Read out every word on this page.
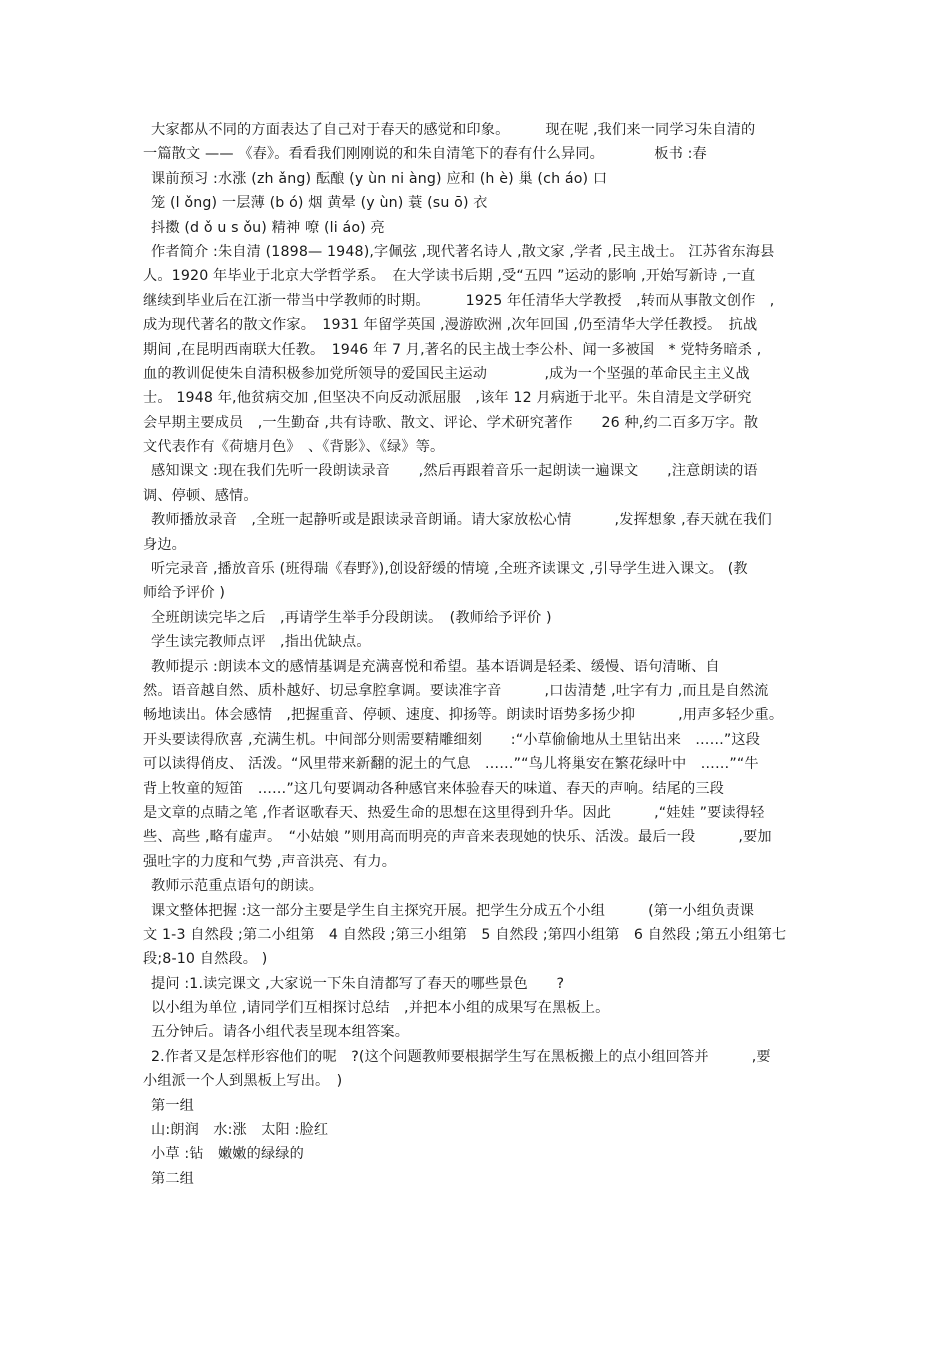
大家都从不同的方面表达了自己对于春天的感觉和印象。　　　现在呢 ,我们来一同学习朱自清的
一篇散文 —— 《春》。看看我们刚刚说的和朱自清笔下的春有什么异同。　　　　板书 :春
课前预习 :水涨 (zh ǎng) 酝酿 (y ùn ni àng) 应和 (h è) 巢 (ch áo) 口
笼 (l ǒng) 一层薄 (b ó) 烟 黄晕 (y ùn) 蓑 (su ō) 衣
抖擞 (d ǒ u s ǒu) 精神 嘹 (li áo) 亮
作者简介 :朱自清 (1898— 1948),字佩弦 ,现代著名诗人 ,散文家 ,学者 ,民主战士。 江苏省东海县
人。1920 年毕业于北京大学哲学系。　在大学读书后期 ,受“五四 ”运动的影响 ,开始写新诗 ,一直
继续到毕业后在江浙一带当中学教师的时期。　　　1925 年任清华大学教授　,转而从事散文创作　,
成为现代著名的散文作家。　1931 年留学英国 ,漫游欧洲 ,次年回国 ,仍至清华大学任教授。　抗战
期间 ,在昆明西南联大任教。　1946 年 7 月,著名的民主战士李公朴、闻一多被国　* 党特务暗杀 ,
血的教训促使朱自清积极参加党所领导的爱国民主运动　　　　,成为一个坚强的革命民主主义战
士。 1948 年,他贫病交加 ,但坚决不向反动派屈服　,该年 12 月病逝于北平。朱自清是文学研究
会早期主要成员　,一生勤奋 ,共有诗歌、散文、评论、学术研究著作　　26 种,约二百多万字。散
文代表作有《荷塘月色》　、《背影》、《绿》等。
感知课文 :现在我们先听一段朗读录音　　,然后再跟着音乐一起朗读一遍课文　　,注意朗读的语
调、停顿、感情。
教师播放录音　,全班一起静听或是跟读录音朗诵。请大家放松心情　　　,发挥想象 ,春天就在我们
身边。
听完录音 ,播放音乐 (班得瑞《春野》),创设舒缓的情境 ,全班齐读课文 ,引导学生进入课文。 (教
师给予评价 )
全班朗读完毕之后　,再请学生举手分段朗读。　(教师给予评价 )
学生读完教师点评　,指出优缺点。
教师提示 :朗读本文的感情基调是充满喜悦和希望。基本语调是轻柔、缓慢、语句清晰、自
然。语音越自然、质朴越好、切忌拿腔拿调。要读准字音　　　,口齿清楚 ,吐字有力 ,而且是自然流
畅地读出。体会感情　,把握重音、停顿、速度、抑扬等。朗读时语势多扬少抑　　　,用声多轻少重。
开头要读得欣喜 ,充满生机。中间部分则需要精雕细刻　　:“小草偷偷地从土里钻出来　……”这段
可以读得俏皮、 活泼。“风里带来新翻的泥土的气息　……”“鸟儿将巢安在繁花绿叶中　……”“牛
背上牧童的短笛　……”这几句要调动各种感官来体验春天的味道、春天的声响。结尾的三段
是文章的点睛之笔 ,作者讴歌春天、热爱生命的思想在这里得到升华。因此　　　,“娃娃 ”要读得轻
些、高些 ,略有虚声。　“小姑娘 ”则用高而明亮的声音来表现她的快乐、活泼。最后一段　　　,要加
强吐字的力度和气势 ,声音洪亮、有力。
教师示范重点语句的朗读。
课文整体把握 :这一部分主要是学生自主探究开展。把学生分成五个小组　　　(第一小组负责课
文 1-3 自然段 ;第二小组第　4 自然段 ;第三小组第　5 自然段 ;第四小组第　6 自然段 ;第五小组第七
段;8-10 自然段。 )
提问 :1.读完课文 ,大家说一下朱自清都写了春天的哪些景色　　?
以小组为单位 ,请同学们互相探讨总结　,并把本小组的成果写在黑板上。
五分钟后。请各小组代表呈现本组答案。
2.作者又是怎样形容他们的呢　?(这个问题教师要根据学生写在黑板搬上的点小组回答并　　　,要
小组派一个人到黑板上写出。　)
第一组
山:朗润　水:涨　太阳 :脸红
小草 :钻　嫩嫩的绿绿的
第二组
